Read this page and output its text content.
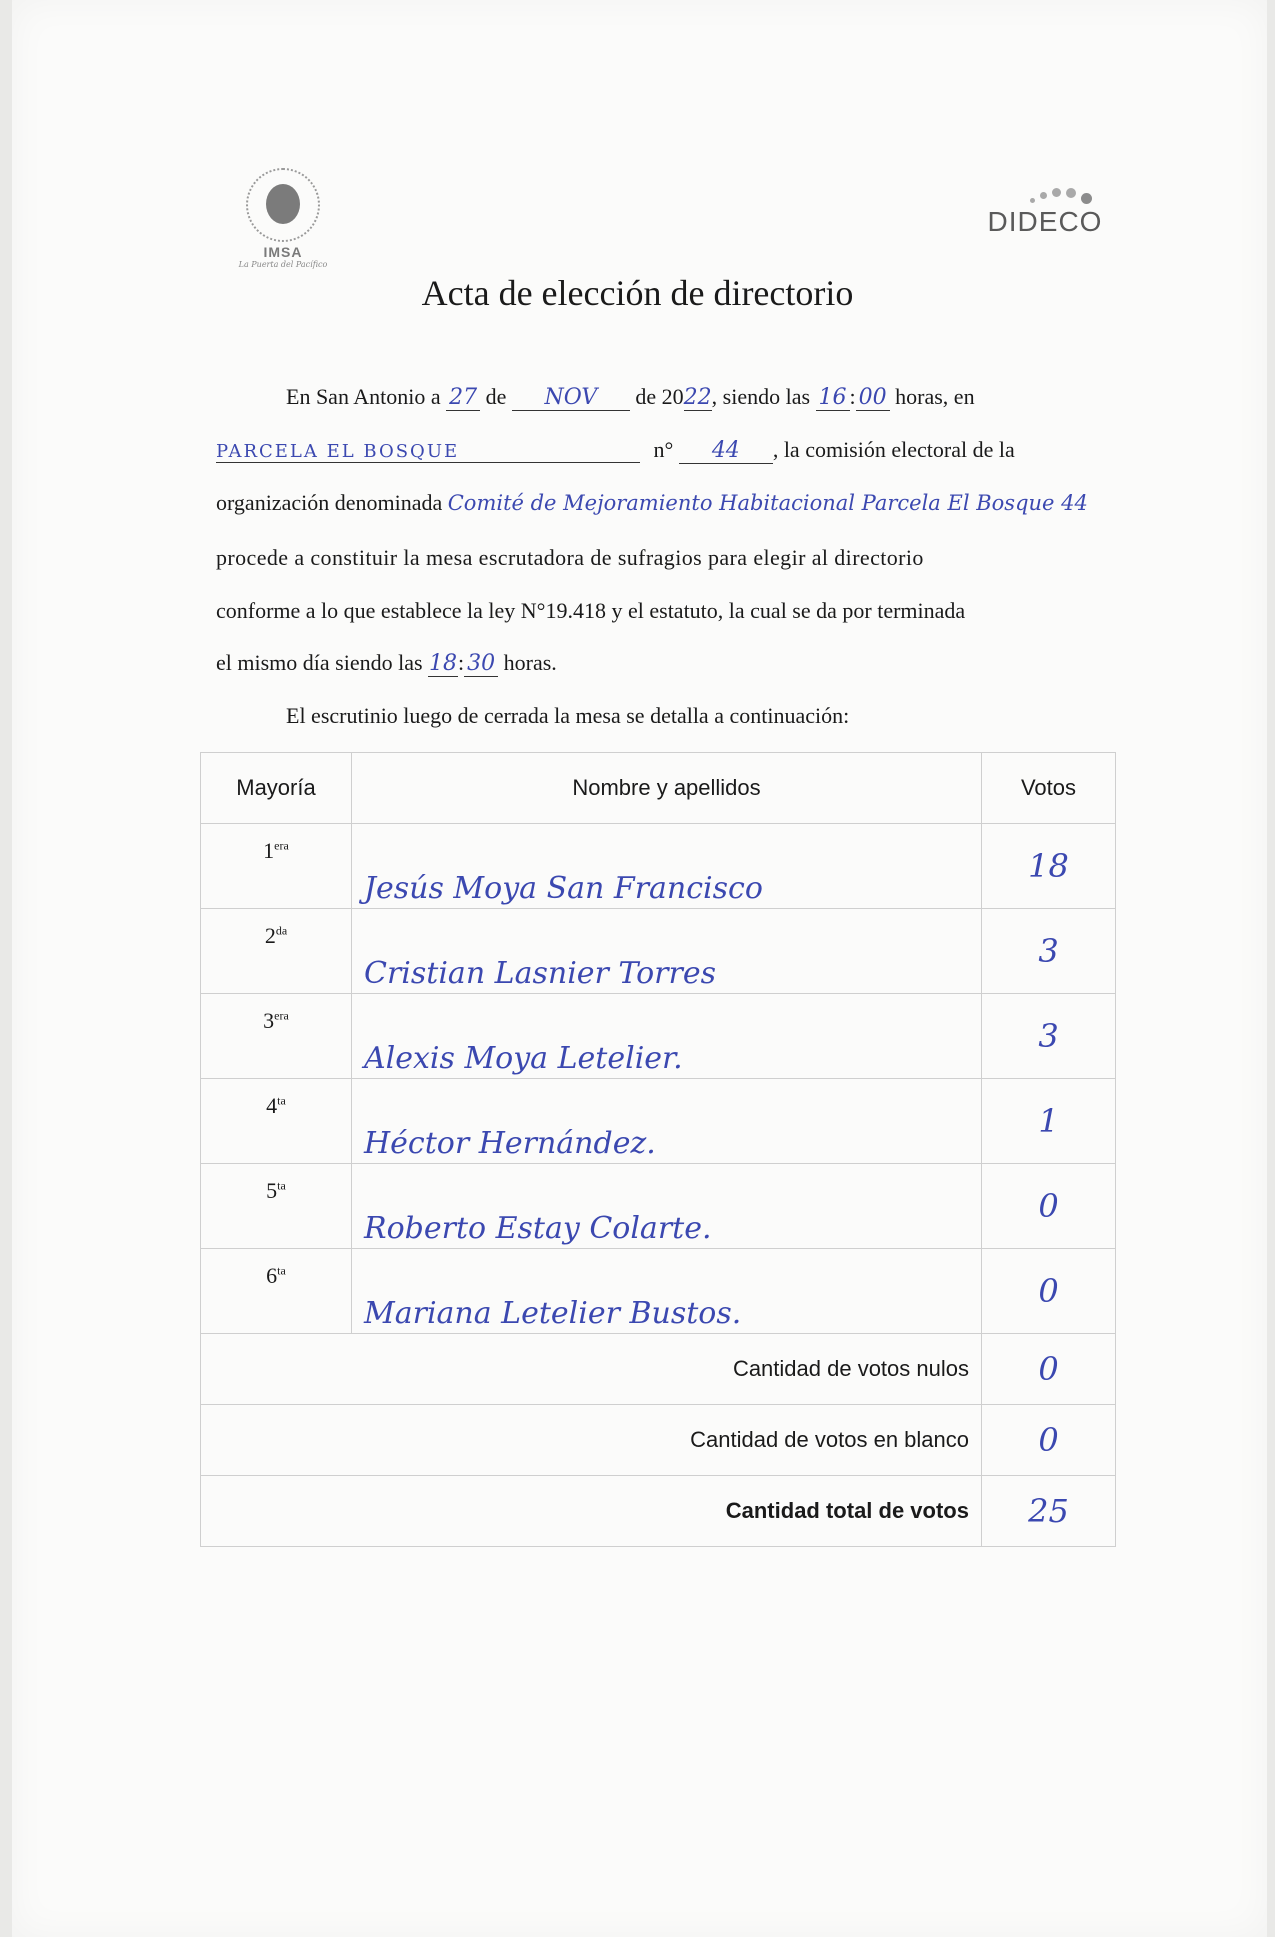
IMSA
La Puerta del Pacífico
DIDECO
Acta de elección de directorio
En San Antonio a 27 de NOV de 2022, siendo las 16 : 00 horas, en
PARCELA EL BOSQUE	n° 44 , la comisión electoral de la
organización denominada Comité de Mejoramiento Habitacional Parcela El Bosque 44
procede a constituir la mesa escrutadora de sufragios para elegir al directorio
conforme a lo que establece la ley N°19.418 y el estatuto, la cual se da por terminada
el mismo día siendo las 18: 30 horas.
El escrutinio luego de cerrada la mesa se detalla a continuación:
Mayoría	Nombre y apellidos	Votos
$1^{era}$	Jesús Moya San Francisco	18
$2^{da}$	Cristian Lasnier Torres	3
$3^{era}$	Alexis Moya Letelier.	3
$4^{ta}$	Héctor Hernández.	1
$5^{ta}$	Roberto Estay Colarte.	0
$6^{ta}$	Mariana Letelier Bustos.	0
Cantidad de votos nulos		0
Cantidad de votos en blanco		0
Cantidad total de votos		25
